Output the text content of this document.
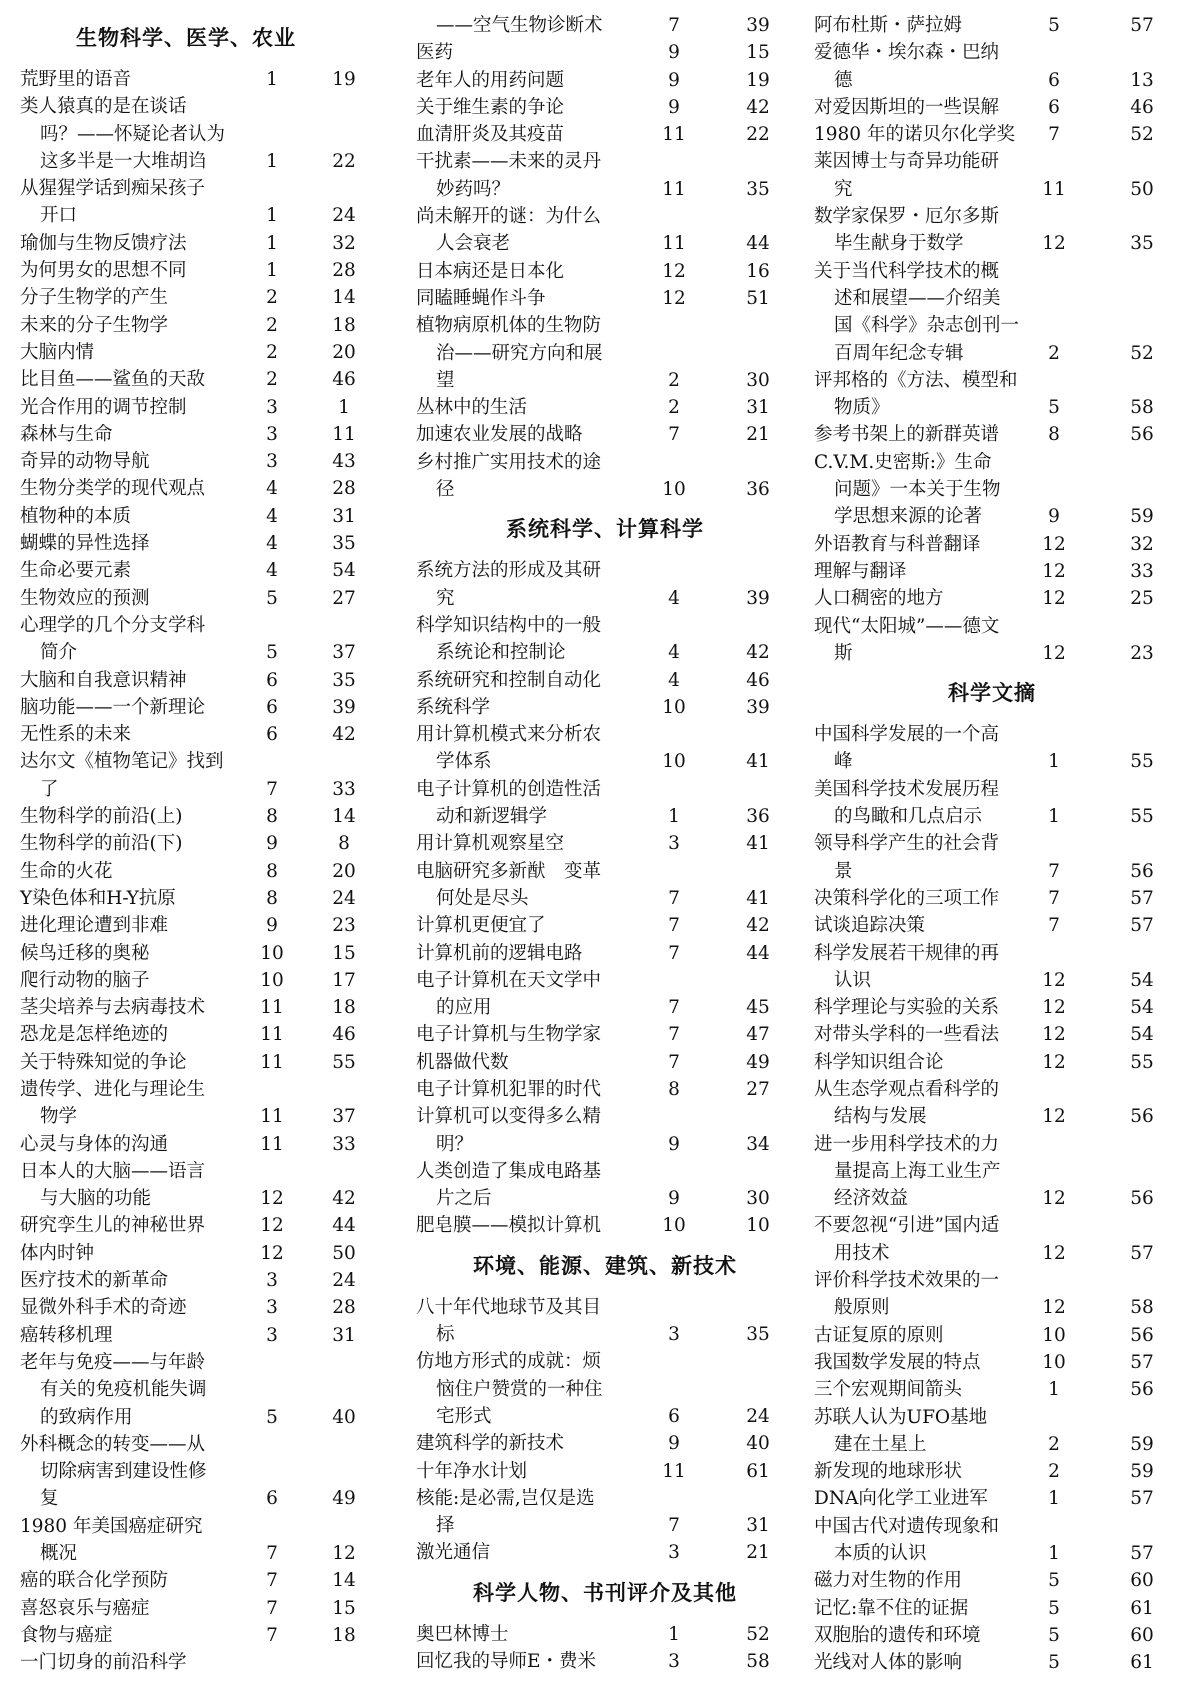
生物科学、医学、农业
荒野里的语音	1	19
类人猿真的是在谈话
吗？——怀疑论者认为
这多半是一大堆胡诌	1	22
从猩猩学话到痴呆孩子
开口	1	24
瑜伽与生物反馈疗法	1	32
为何男女的思想不同	1	28
分子生物学的产生	2	14
未来的分子生物学	2	18
大脑内情	2	20
比目鱼——鲨鱼的天敌	2	46
光合作用的调节控制	3	1
森林与生命	3	11
奇异的动物导航	3	43
生物分类学的现代观点	4	28
植物种的本质	4	31
蝴蝶的异性选择	4	35
生命必要元素	4	54
生物效应的预测	5	27
心理学的几个分支学科
简介	5	37
大脑和自我意识精神	6	35
脑功能——一个新理论	6	39
无性系的未来	6	42
达尔文《植物笔记》找到
了	7	33
生物科学的前沿(上)	8	14
生物科学的前沿(下)	9	8
生命的火花	8	20
Y染色体和H-Y抗原	8	24
进化理论遭到非难	9	23
候鸟迁移的奥秘	10	15
爬行动物的脑子	10	17
茎尖培养与去病毒技术	11	18
恐龙是怎样绝迹的	11	46
关于特殊知觉的争论	11	55
遗传学、进化与理论生
物学	11	37
心灵与身体的沟通	11	33
日本人的大脑——语言
与大脑的功能	12	42
研究孪生儿的神秘世界	12	44
体内时钟	12	50
医疗技术的新革命	3	24
显微外科手术的奇迹	3	28
癌转移机理	3	31
老年与免疫——与年龄
有关的免疫机能失调
的致病作用	5	40
外科概念的转变——从
切除病害到建设性修
复	6	49
1980 年美国癌症研究
概况	7	12
癌的联合化学预防	7	14
喜怒哀乐与癌症	7	15
食物与癌症	7	18
一门切身的前沿科学
——空气生物诊断术	7	39
医药	9	15
老年人的用药问题	9	19
关于维生素的争论	9	42
血清肝炎及其疫苗	11	22
干扰素——未来的灵丹
妙药吗？	11	35
尚未解开的谜：为什么
人会衰老	11	44
日本病还是日本化	12	16
同瞌睡蝇作斗争	12	51
植物病原机体的生物防
治——研究方向和展
望	2	30
丛林中的生活	2	31
加速农业发展的战略	7	21
乡村推广实用技术的途
径	10	36
系统科学、计算科学
系统方法的形成及其研
究	4	39
科学知识结构中的一般
系统论和控制论	4	42
系统研究和控制自动化	4	46
系统科学	10	39
用计算机模式来分析农
学体系	10	41
电子计算机的创造性活
动和新逻辑学	1	36
用计算机观察星空	3	41
电脑研究多新猷　变革
何处是尽头	7	41
计算机更便宜了	7	42
计算机前的逻辑电路	7	44
电子计算机在天文学中
的应用	7	45
电子计算机与生物学家	7	47
机器做代数	7	49
电子计算机犯罪的时代	8	27
计算机可以变得多么精
明？	9	34
人类创造了集成电路基
片之后	9	30
肥皂膜——模拟计算机	10	10
环境、能源、建筑、新技术
八十年代地球节及其目
标	3	35
仿地方形式的成就：烦
恼住户赞赏的一种住
宅形式	6	24
建筑科学的新技术	9	40
十年净水计划	11	61
核能:是必需,岂仅是选
择	7	31
激光通信	3	21
科学人物、书刊评介及其他
奥巴林博士	1	52
回忆我的导师E・费米	3	58
阿布杜斯・萨拉姆	5	57
爱德华・埃尔森・巴纳
德	6	13
对爱因斯坦的一些误解	6	46
1980 年的诺贝尔化学奖	7	52
莱因博士与奇异功能研
究	11	50
数学家保罗・厄尔多斯
毕生献身于数学	12	35
关于当代科学技术的概
述和展望——介绍美
国《科学》杂志创刊一
百周年纪念专辑	2	52
评邦格的《方法、模型和
物质》	5	58
参考书架上的新群英谱	8	56
C.V.M.史密斯:》生命
问题》一本关于生物
学思想来源的论著	9	59
外语教育与科普翻译	12	32
理解与翻译	12	33
人口稠密的地方	12	25
现代“太阳城”——德文
斯	12	23
科学文摘
中国科学发展的一个高
峰	1	55
美国科学技术发展历程
的鸟瞰和几点启示	1	55
领导科学产生的社会背
景	7	56
决策科学化的三项工作	7	57
试谈追踪决策	7	57
科学发展若干规律的再
认识	12	54
科学理论与实验的关系	12	54
对带头学科的一些看法	12	54
科学知识组合论	12	55
从生态学观点看科学的
结构与发展	12	56
进一步用科学技术的力
量提高上海工业生产
经济效益	12	56
不要忽视“引进”国内适
用技术	12	57
评价科学技术效果的一
般原则	12	58
古证复原的原则	10	56
我国数学发展的特点	10	57
三个宏观期间箭头	1	56
苏联人认为UFO基地
建在土星上	2	59
新发现的地球形状	2	59
DNA向化学工业进军	1	57
中国古代对遗传现象和
本质的认识	1	57
磁力对生物的作用	5	60
记忆:靠不住的证据	5	61
双胞胎的遗传和环境	5	60
光线对人体的影响	5	61
